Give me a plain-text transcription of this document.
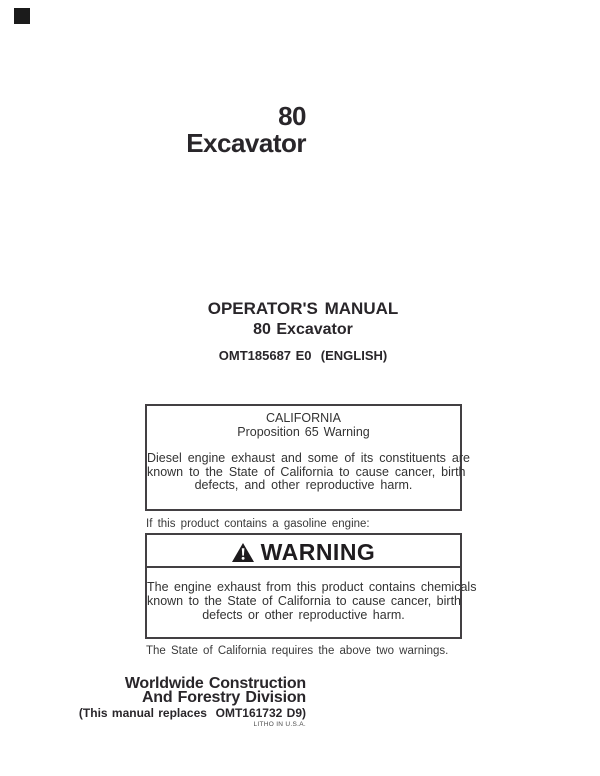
80
Excavator
OPERATOR'S MANUAL
80 Excavator
OMT185687 E0  (ENGLISH)
CALIFORNIA
Proposition 65 Warning
Diesel engine exhaust and some of its constituents are
known to the State of California to cause cancer, birth
defects, and other reproductive harm.
If this product contains a gasoline engine:
WARNING
The engine exhaust from this product contains chemicals
known to the State of California to cause cancer, birth
defects or other reproductive harm.
The State of California requires the above two warnings.
Worldwide Construction
And Forestry Division
(This manual replaces  OMT161732 D9)
LITHO IN U.S.A.
